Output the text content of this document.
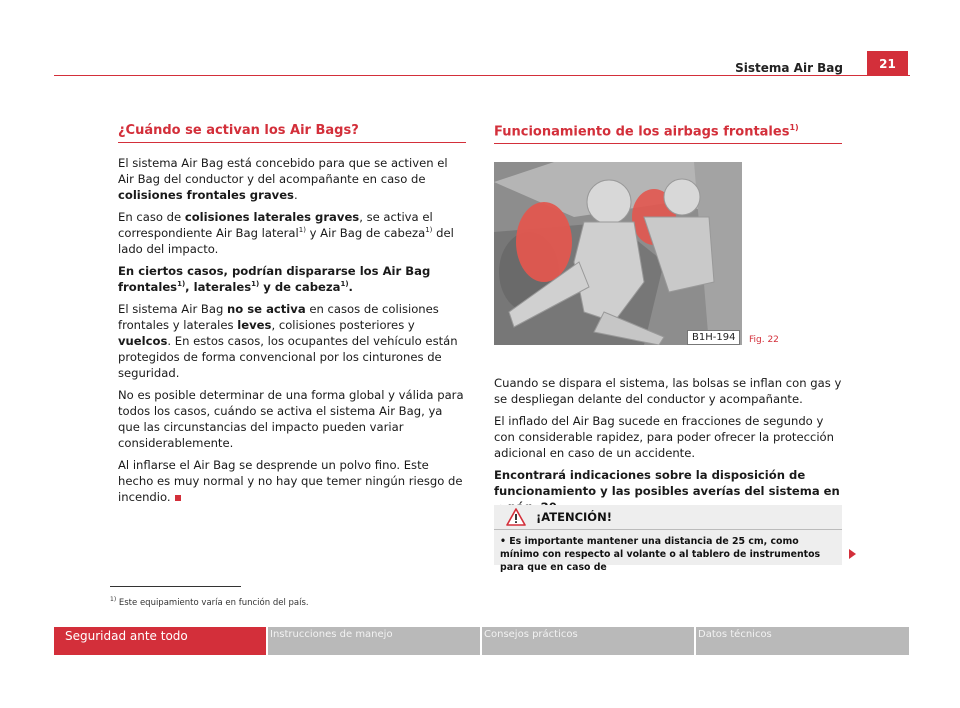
Sistema Air Bag	21
¿Cuándo se activan los Air Bags?

El sistema Air Bag está concebido para que se activen el Air Bag del conductor y del acompañante en caso de colisiones frontales graves.

En caso de colisiones laterales graves, se activa el correspondiente Air Bag lateral$^{1)}$ y Air Bag de cabeza$^{1)}$ del lado del impacto.

En ciertos casos, podrían dispararse los Air Bag frontales$^{1)}$, laterales$^{1)}$ y de cabeza$^{1)}$.

El sistema Air Bag no se activa en casos de colisiones frontales y laterales leves, colisiones posteriores y vuelcos. En estos casos, los ocupantes del vehículo están protegidos de forma convencional por los cinturones de seguridad.

No es posible determinar de una forma global y válida para todos los casos, cuándo se activa el sistema Air Bag, ya que las circunstancias del impacto pueden variar considerablemente.

Al inflarse el Air Bag se desprende un polvo fino. Este hecho es muy normal y no hay que temer ningún riesgo de incendio.

Funcionamiento de los airbags frontales$^{1)}$
B1H-194	Fig. 22

Cuando se dispara el sistema, las bolsas se inflan con gas y se despliegan delante del conductor y acompañante.

El inflado del Air Bag sucede en fracciones de segundo y con considerable rapidez, para poder ofrecer la protección adicional en caso de un accidente.

Encontrará indicaciones sobre la disposición de funcionamiento y las posibles averías del sistema en

¡ATENCIÓN!
• Es importante mantener una distancia de 25 cm, como mínimo con respecto al volante o al tablero de instrumentos para que en caso de
$^{1)}$ Este equipamiento varía en función del país.
Seguridad ante todo	Instrucciones de manejo	Consejos prácticos	Datos técnicos
